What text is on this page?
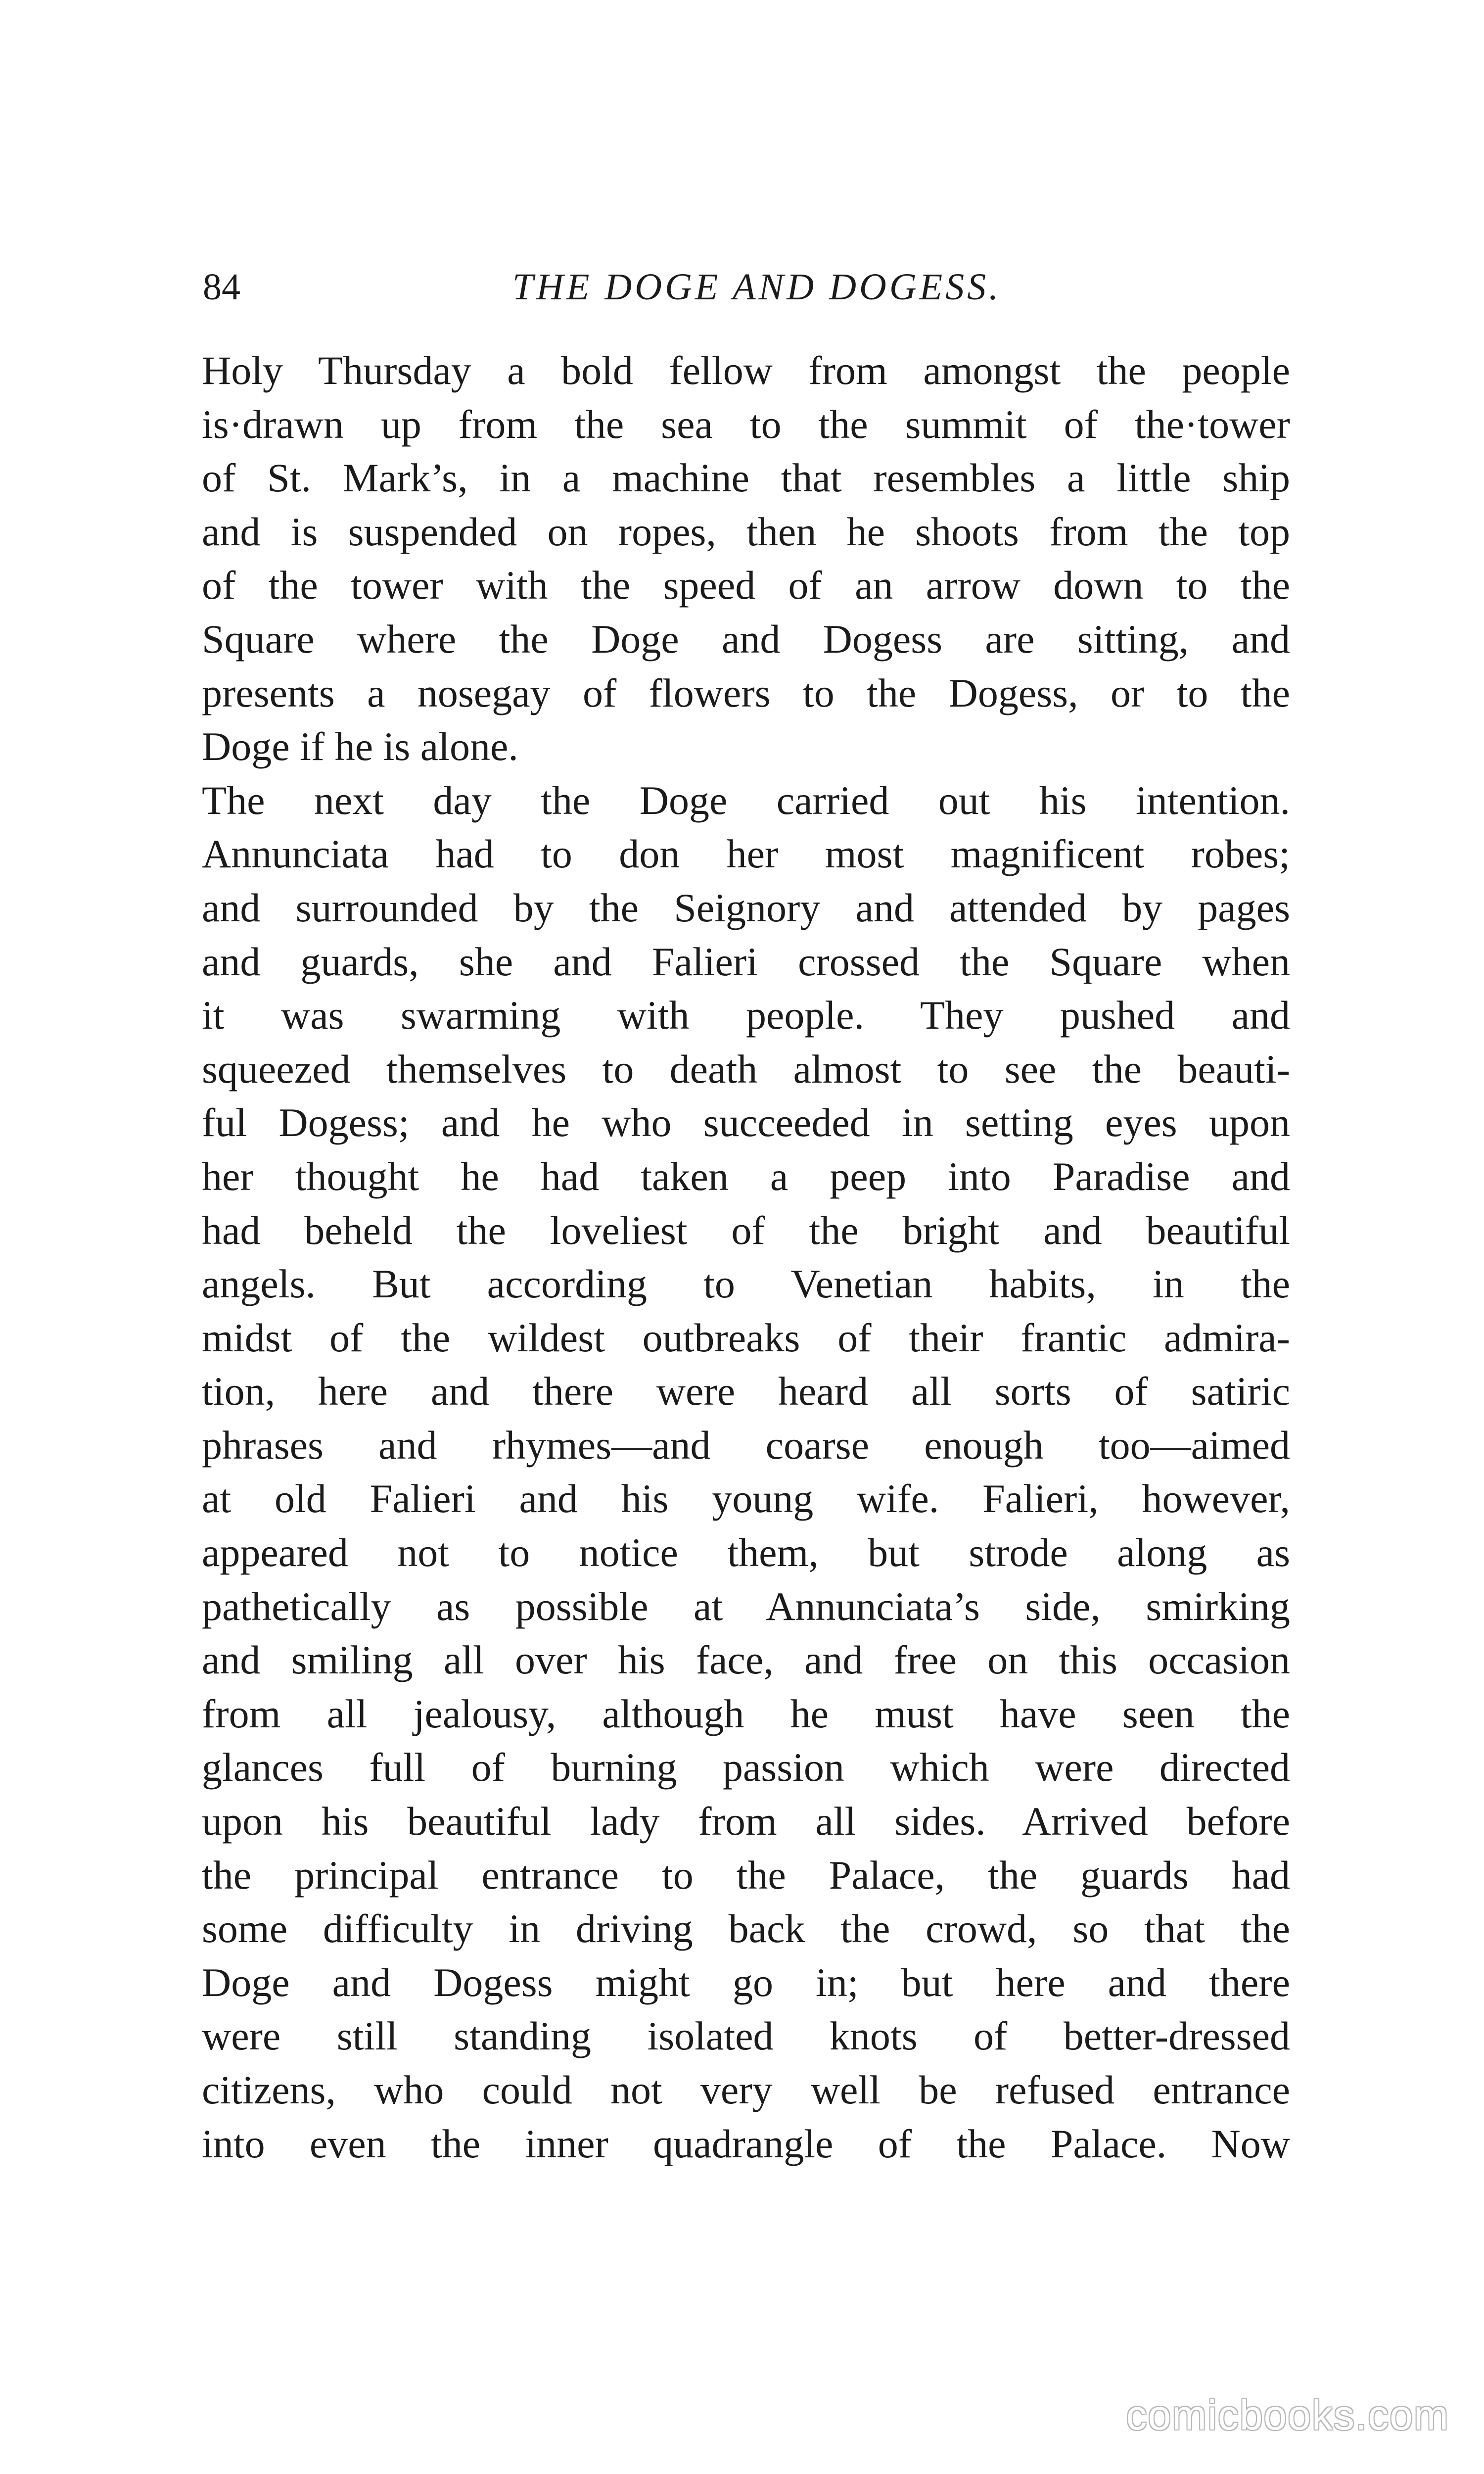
84	THE DOGE AND DOGESS.
Holy Thursday a bold fellow from amongst the people
is·drawn up from the sea to the summit of the·tower
of St. Mark’s, in a machine that resembles a little ship
and is suspended on ropes, then he shoots from the top
of the tower with the speed of an arrow down to the
Square where the Doge and Dogess are sitting, and
presents a nosegay of flowers to the Dogess, or to the
Doge if he is alone.
The next day the Doge carried out his intention.
Annunciata had to don her most magnificent robes;
and surrounded by the Seignory and attended by pages
and guards, she and Falieri crossed the Square when
it was swarming with people. They pushed and
squeezed themselves to death almost to see the beauti-
ful Dogess; and he who succeeded in setting eyes upon
her thought he had taken a peep into Paradise and
had beheld the loveliest of the bright and beautiful
angels. But according to Venetian habits, in the
midst of the wildest outbreaks of their frantic admira-
tion, here and there were heard all sorts of satiric
phrases and rhymes—and coarse enough too—aimed
at old Falieri and his young wife. Falieri, however,
appeared not to notice them, but strode along as
pathetically as possible at Annunciata’s side, smirking
and smiling all over his face, and free on this occasion
from all jealousy, although he must have seen the
glances full of burning passion which were directed
upon his beautiful lady from all sides. Arrived before
the principal entrance to the Palace, the guards had
some difficulty in driving back the crowd, so that the
Doge and Dogess might go in; but here and there
were still standing isolated knots of better-dressed
citizens, who could not very well be refused entrance
into even the inner quadrangle of the Palace. Now
comicbooks.com
